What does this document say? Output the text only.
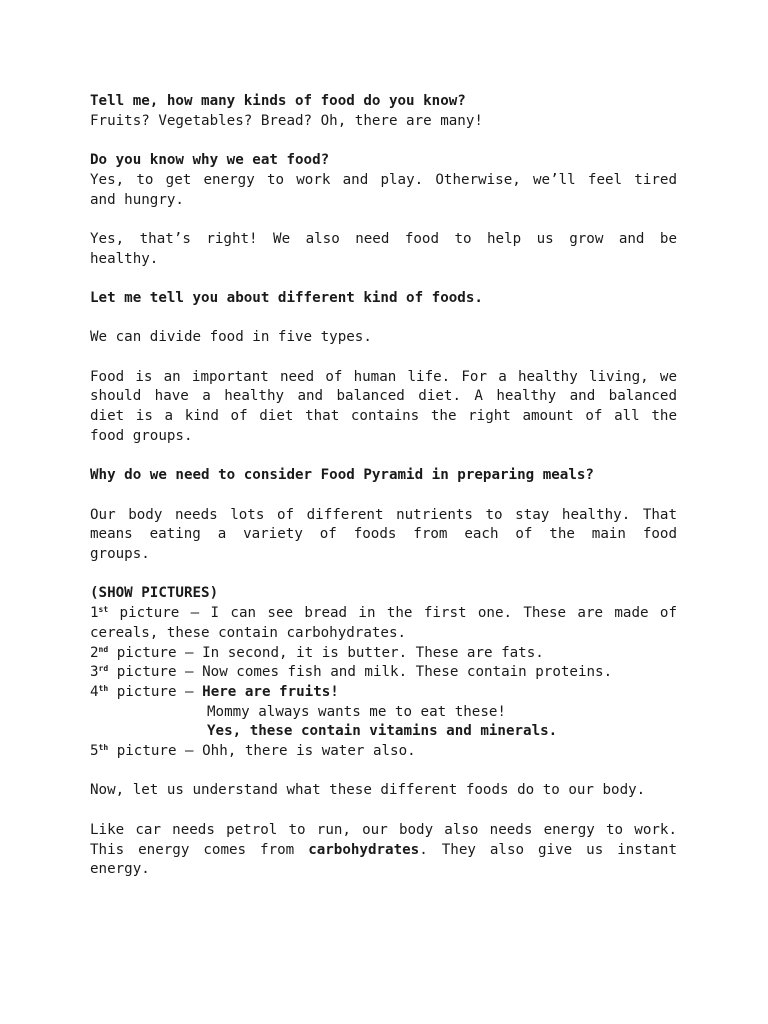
Tell me, how many kinds of food do you know?
Fruits? Vegetables? Bread? Oh, there are many!

Do you know why we eat food?
Yes, to get energy to work and play. Otherwise, we’ll feel tired
and hungry.

Yes, that’s right! We also need food to help us grow and be
healthy.

Let me tell you about different kind of foods.

We can divide food in five types.

Food is an important need of human life. For a healthy living, we
should have a healthy and balanced diet. A healthy and balanced
diet is a kind of diet that contains the right amount of all the
food groups.

Why do we need to consider Food Pyramid in preparing meals?

Our body needs lots of different nutrients to stay healthy. That
means eating a variety of foods from each of the main food
groups.

(SHOW PICTURES)
1st picture – I can see bread in the first one. These are made of
cereals, these contain carbohydrates.
2nd picture – In second, it is butter. These are fats.
3rd picture – Now comes fish and milk. These contain proteins.
4th picture – Here are fruits!
Mommy always wants me to eat these!
Yes, these contain vitamins and minerals.
5th picture – Ohh, there is water also.

Now, let us understand what these different foods do to our body.

Like car needs petrol to run, our body also needs energy to work.
This energy comes from carbohydrates. They also give us instant
energy.
